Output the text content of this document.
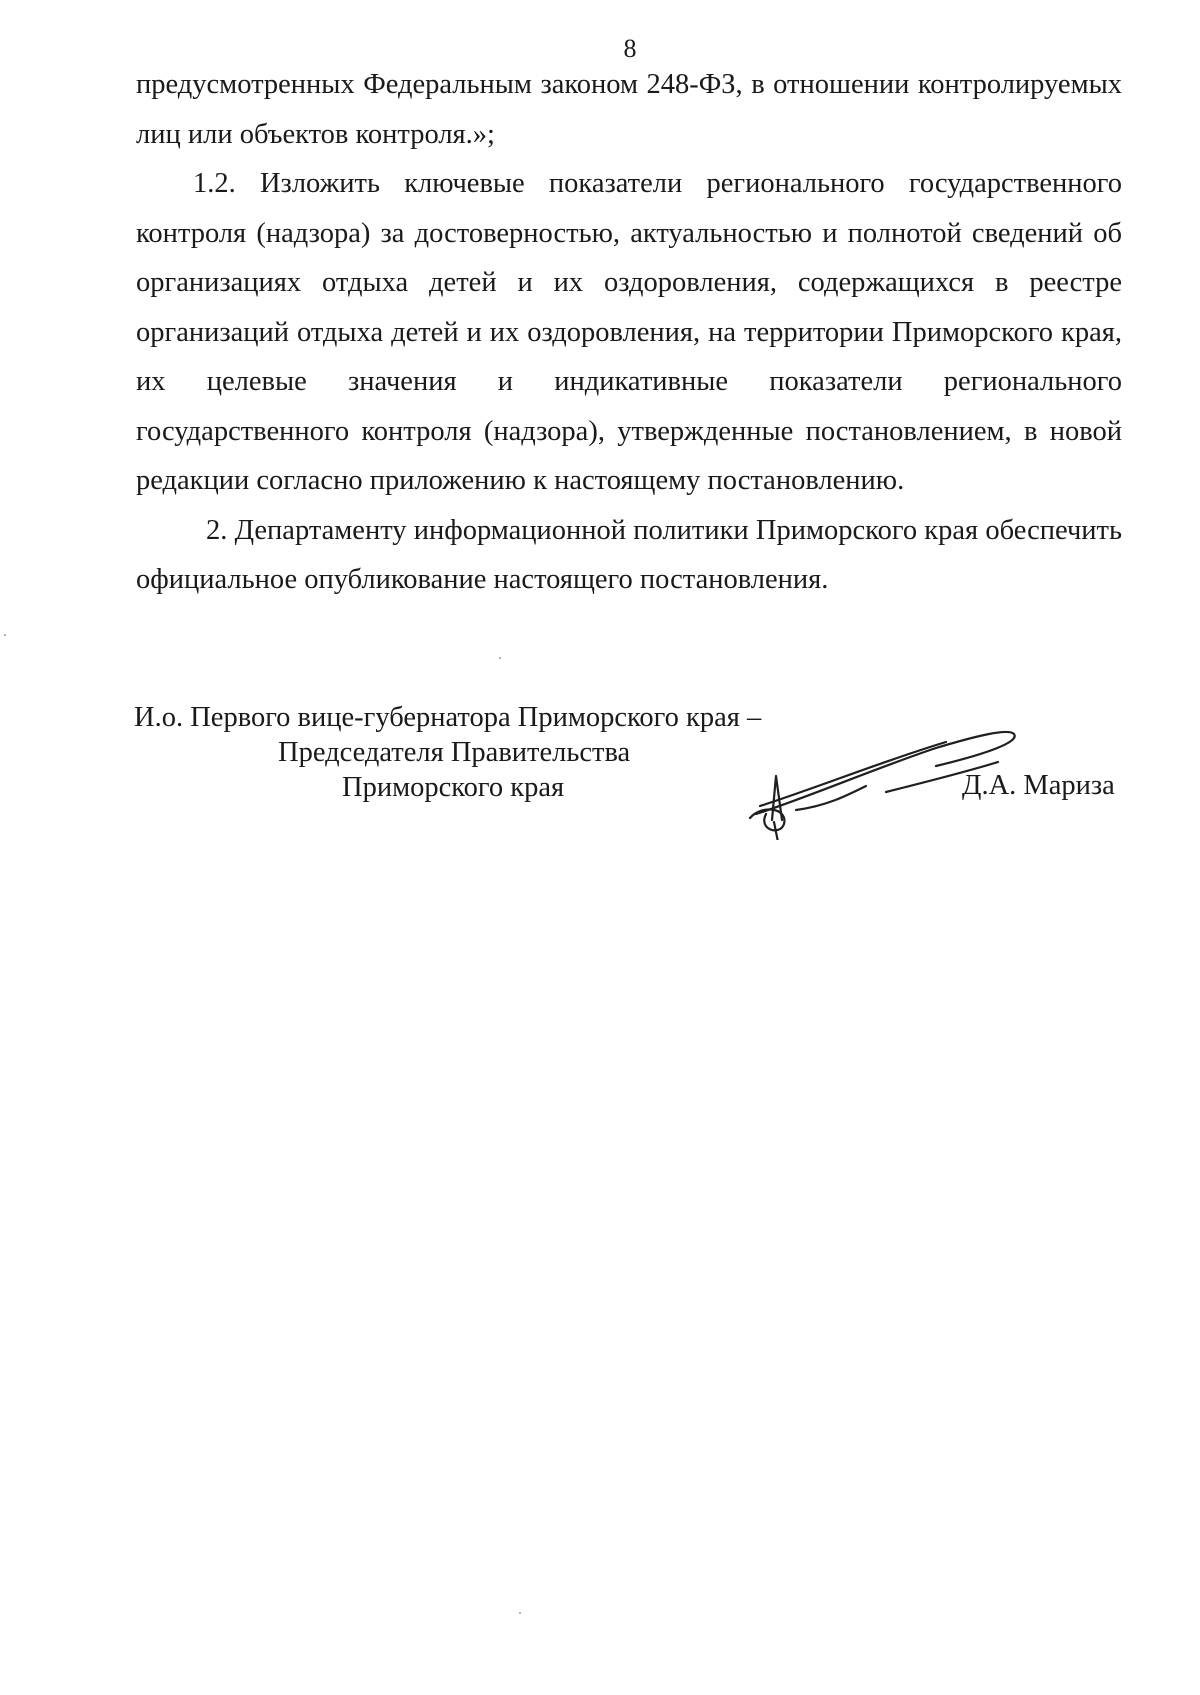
8

предусмотренных Федеральным законом 248-ФЗ, в отношении контролируемых лиц или объектов контроля.»;

1.2. Изложить ключевые показатели регионального государственного контроля (надзора) за достоверностью, актуальностью и полнотой сведений об организациях отдыха детей и их оздоровления, содержащихся в реестре организаций отдыха детей и их оздоровления, на территории Приморского края, их целевые значения и индикативные показатели регионального государственного контроля (надзора), утвержденные постановлением, в новой редакции согласно приложению к настоящему постановлению.

2. Департаменту информационной политики Приморского края обеспечить официальное опубликование настоящего постановления.

И.о. Первого вице-губернатора Приморского края –
Председателя Правительства
Приморского края	Д.А. Мариза
